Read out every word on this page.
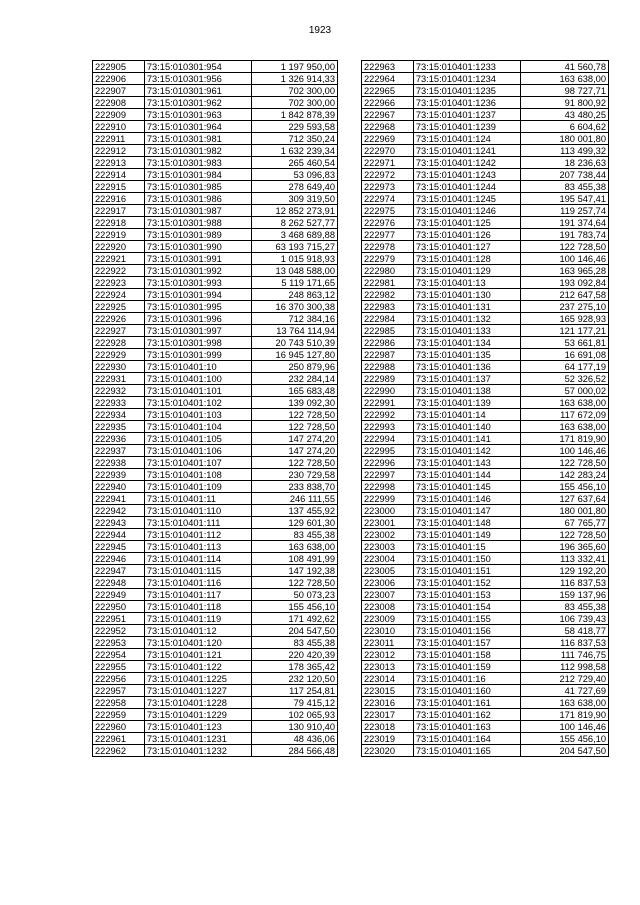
1923
222905	73:15:010301:954	1 197 950,00
222906	73:15:010301:956	1 326 914,33
222907	73:15:010301:961	702 300,00
222908	73:15:010301:962	702 300,00
222909	73:15:010301:963	1 842 878,39
222910	73:15:010301:964	229 593,58
222911	73:15:010301:981	712 350,24
222912	73:15:010301:982	1 632 239,34
222913	73:15:010301:983	265 460,54
222914	73:15:010301:984	53 096,83
222915	73:15:010301:985	278 649,40
222916	73:15:010301:986	309 319,50
222917	73:15:010301:987	12 852 273,91
222918	73:15:010301:988	8 262 527,77
222919	73:15:010301:989	3 468 689,88
222920	73:15:010301:990	63 193 715,27
222921	73:15:010301:991	1 015 918,93
222922	73:15:010301:992	13 048 588,00
222923	73:15:010301:993	5 119 171,65
222924	73:15:010301:994	248 863,12
222925	73:15:010301:995	16 370 300,38
222926	73:15:010301:996	712 384,16
222927	73:15:010301:997	13 764 114,94
222928	73:15:010301:998	20 743 510,39
222929	73:15:010301:999	16 945 127,80
222930	73:15:010401:10	250 879,96
222931	73:15:010401:100	232 284,14
222932	73:15:010401:101	165 683,48
222933	73:15:010401:102	139 092,30
222934	73:15:010401:103	122 728,50
222935	73:15:010401:104	122 728,50
222936	73:15:010401:105	147 274,20
222937	73:15:010401:106	147 274,20
222938	73:15:010401:107	122 728,50
222939	73:15:010401:108	230 729,58
222940	73:15:010401:109	233 838,70
222941	73:15:010401:11	246 111,55
222942	73:15:010401:110	137 455,92
222943	73:15:010401:111	129 601,30
222944	73:15:010401:112	83 455,38
222945	73:15:010401:113	163 638,00
222946	73:15:010401:114	108 491,99
222947	73:15:010401:115	147 192,38
222948	73:15:010401:116	122 728,50
222949	73:15:010401:117	50 073,23
222950	73:15:010401:118	155 456,10
222951	73:15:010401:119	171 492,62
222952	73:15:010401:12	204 547,50
222953	73:15:010401:120	83 455,38
222954	73:15:010401:121	220 420,39
222955	73:15:010401:122	178 365,42
222956	73:15:010401:1225	232 120,50
222957	73:15:010401:1227	117 254,81
222958	73:15:010401:1228	79 415,12
222959	73:15:010401:1229	102 065,93
222960	73:15:010401:123	130 910,40
222961	73:15:010401:1231	48 436,06
222962	73:15:010401:1232	284 566,48
222963	73:15:010401:1233	41 560,78
222964	73:15:010401:1234	163 638,00
222965	73:15:010401:1235	98 727,71
222966	73:15:010401:1236	91 800,92
222967	73:15:010401:1237	43 480,25
222968	73:15:010401:1239	6 604,62
222969	73:15:010401:124	180 001,80
222970	73:15:010401:1241	113 499,32
222971	73:15:010401:1242	18 236,63
222972	73:15:010401:1243	207 738,44
222973	73:15:010401:1244	83 455,38
222974	73:15:010401:1245	195 547,41
222975	73:15:010401:1246	119 257,74
222976	73:15:010401:125	191 374,64
222977	73:15:010401:126	191 783,74
222978	73:15:010401:127	122 728,50
222979	73:15:010401:128	100 146,46
222980	73:15:010401:129	163 965,28
222981	73:15:010401:13	193 092,84
222982	73:15:010401:130	212 647,58
222983	73:15:010401:131	237 275,10
222984	73:15:010401:132	165 928,93
222985	73:15:010401:133	121 177,21
222986	73:15:010401:134	53 661,81
222987	73:15:010401:135	16 691,08
222988	73:15:010401:136	64 177,19
222989	73:15:010401:137	52 326,52
222990	73:15:010401:138	57 000,02
222991	73:15:010401:139	163 638,00
222992	73:15:010401:14	117 672,09
222993	73:15:010401:140	163 638,00
222994	73:15:010401:141	171 819,90
222995	73:15:010401:142	100 146,46
222996	73:15:010401:143	122 728,50
222997	73:15:010401:144	142 283,24
222998	73:15:010401:145	155 456,10
222999	73:15:010401:146	127 637,64
223000	73:15:010401:147	180 001,80
223001	73:15:010401:148	67 765,77
223002	73:15:010401:149	122 728,50
223003	73:15:010401:15	196 365,60
223004	73:15:010401:150	113 332,41
223005	73:15:010401:151	129 192,20
223006	73:15:010401:152	116 837,53
223007	73:15:010401:153	159 137,96
223008	73:15:010401:154	83 455,38
223009	73:15:010401:155	106 739,43
223010	73:15:010401:156	58 418,77
223011	73:15:010401:157	116 837,53
223012	73:15:010401:158	111 746,75
223013	73:15:010401:159	112 998,58
223014	73:15:010401:16	212 729,40
223015	73:15:010401:160	41 727,69
223016	73:15:010401:161	163 638,00
223017	73:15:010401:162	171 819,90
223018	73:15:010401:163	100 146,46
223019	73:15:010401:164	155 456,10
223020	73:15:010401:165	204 547,50
